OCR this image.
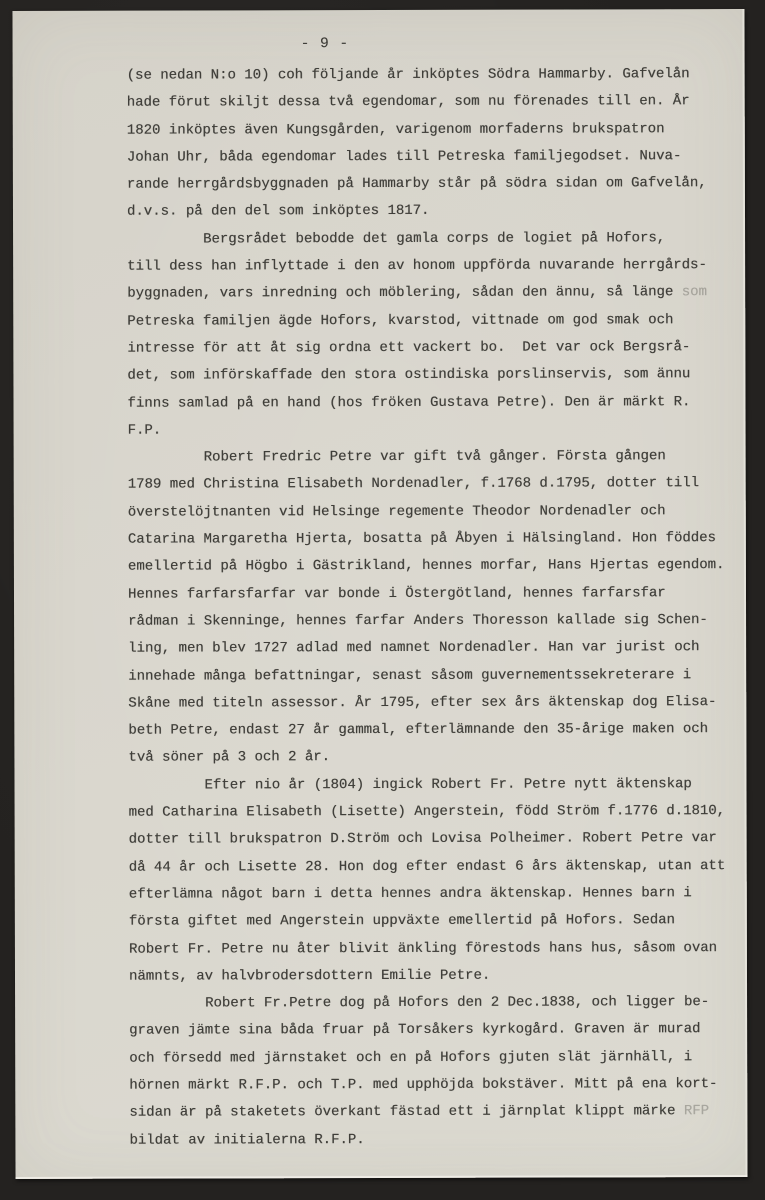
- 9 -
(se nedan N:o 10) coh följande år inköptes Södra Hammarby. Gafvelån
hade förut skiljt dessa två egendomar, som nu förenades till en. År
1820 inköptes även Kungsgården, varigenom morfaderns brukspatron
Johan Uhr, båda egendomar lades till Petreska familjegodset. Nuva-
rande herrgårdsbyggnaden på Hammarby står på södra sidan om Gafvelån,
d.v.s. på den del som inköptes 1817.
Bergsrådet bebodde det gamla corps de logiet på Hofors,
till dess han inflyttade i den av honom uppförda nuvarande herrgårds-
byggnaden, vars inredning och möblering, sådan den ännu, så länge som
Petreska familjen ägde Hofors, kvarstod, vittnade om god smak och
intresse för att åt sig ordna ett vackert bo.  Det var ock Bergsrå-
det, som införskaffade den stora ostindiska porslinservis, som ännu
finns samlad på en hand (hos fröken Gustava Petre). Den är märkt R.
F.P.
Robert Fredric Petre var gift två gånger. Första gången
1789 med Christina Elisabeth Nordenadler, f.1768 d.1795, dotter till
överstelöjtnanten vid Helsinge regemente Theodor Nordenadler och
Catarina Margaretha Hjerta, bosatta på Åbyen i Hälsingland. Hon föddes
emellertid på Högbo i Gästrikland, hennes morfar, Hans Hjertas egendom.
Hennes farfarsfarfar var bonde i Östergötland, hennes farfarsfar
rådman i Skenninge, hennes farfar Anders Thoresson kallade sig Schen-
ling, men blev 1727 adlad med namnet Nordenadler. Han var jurist och
innehade många befattningar, senast såsom guvernementssekreterare i
Skåne med titeln assessor. År 1795, efter sex års äktenskap dog Elisa-
beth Petre, endast 27 år gammal, efterlämnande den 35-årige maken och
två söner på 3 och 2 år.
Efter nio år (1804) ingick Robert Fr. Petre nytt äktenskap
med Catharina Elisabeth (Lisette) Angerstein, född Ström f.1776 d.1810,
dotter till brukspatron D.Ström och Lovisa Polheimer. Robert Petre var
då 44 år och Lisette 28. Hon dog efter endast 6 års äktenskap, utan att
efterlämna något barn i detta hennes andra äktenskap. Hennes barn i
första giftet med Angerstein uppväxte emellertid på Hofors. Sedan
Robert Fr. Petre nu åter blivit änkling förestods hans hus, såsom ovan
nämnts, av halvbrodersdottern Emilie Petre.
Robert Fr.Petre dog på Hofors den 2 Dec.1838, och ligger be-
graven jämte sina båda fruar på Torsåkers kyrkogård. Graven är murad
och försedd med järnstaket och en på Hofors gjuten slät järnhäll, i
hörnen märkt R.F.P. och T.P. med upphöjda bokstäver. Mitt på ena kort-
sidan är på staketets överkant fästad ett i järnplat klippt märke RFP
bildat av initialerna R.F.P.
